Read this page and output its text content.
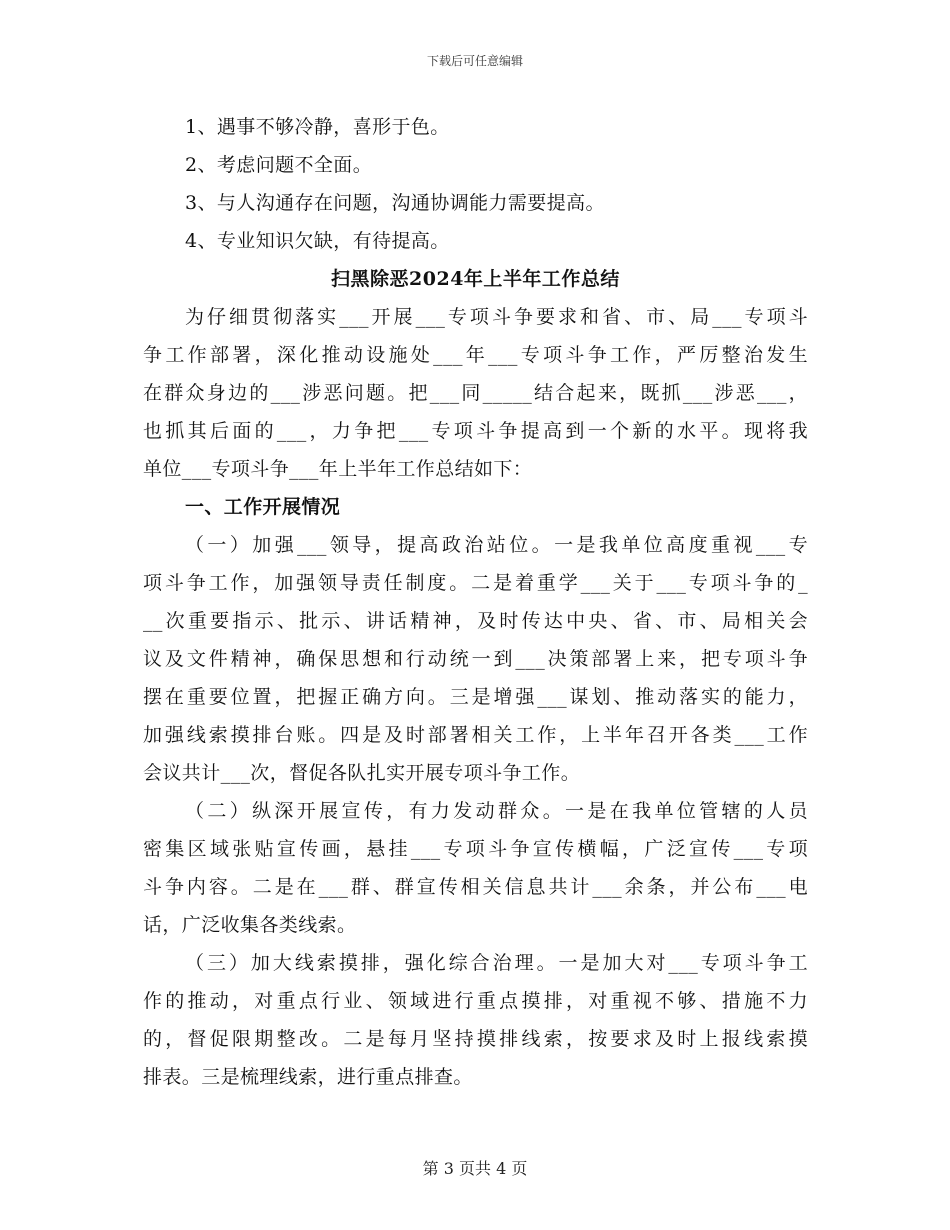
下载后可任意编辑
1、遇事不够冷静，喜形于色。
2、考虑问题不全面。
3、与人沟通存在问题，沟通协调能力需要提高。
4、专业知识欠缺，有待提高。
扫黑除恶2024年上半年工作总结
为仔细贯彻落实___开展___专项斗争要求和省、市、局___专项斗
争工作部署，深化推动设施处___年___专项斗争工作，严厉整治发生
在群众身边的___涉恶问题。把___同_____结合起来，既抓___涉恶___，
也抓其后面的___，力争把___专项斗争提高到一个新的水平。现将我
单位___专项斗争___年上半年工作总结如下：
一、工作开展情况
（一）加强___领导，提高政治站位。一是我单位高度重视___专
项斗争工作，加强领导责任制度。二是着重学___关于___专项斗争的_
__次重要指示、批示、讲话精神，及时传达中央、省、市、局相关会
议及文件精神，确保思想和行动统一到___决策部署上来，把专项斗争
摆在重要位置，把握正确方向。三是增强___谋划、推动落实的能力，
加强线索摸排台账。四是及时部署相关工作，上半年召开各类___工作
会议共计___次，督促各队扎实开展专项斗争工作。
（二）纵深开展宣传，有力发动群众。一是在我单位管辖的人员
密集区域张贴宣传画，悬挂___专项斗争宣传横幅，广泛宣传___专项
斗争内容。二是在___群、群宣传相关信息共计___余条，并公布___电
话，广泛收集各类线索。
（三）加大线索摸排，强化综合治理。一是加大对___专项斗争工
作的推动，对重点行业、领域进行重点摸排，对重视不够、措施不力
的，督促限期整改。二是每月坚持摸排线索，按要求及时上报线索摸
排表。三是梳理线索，进行重点排查。
第 3 页共 4 页
